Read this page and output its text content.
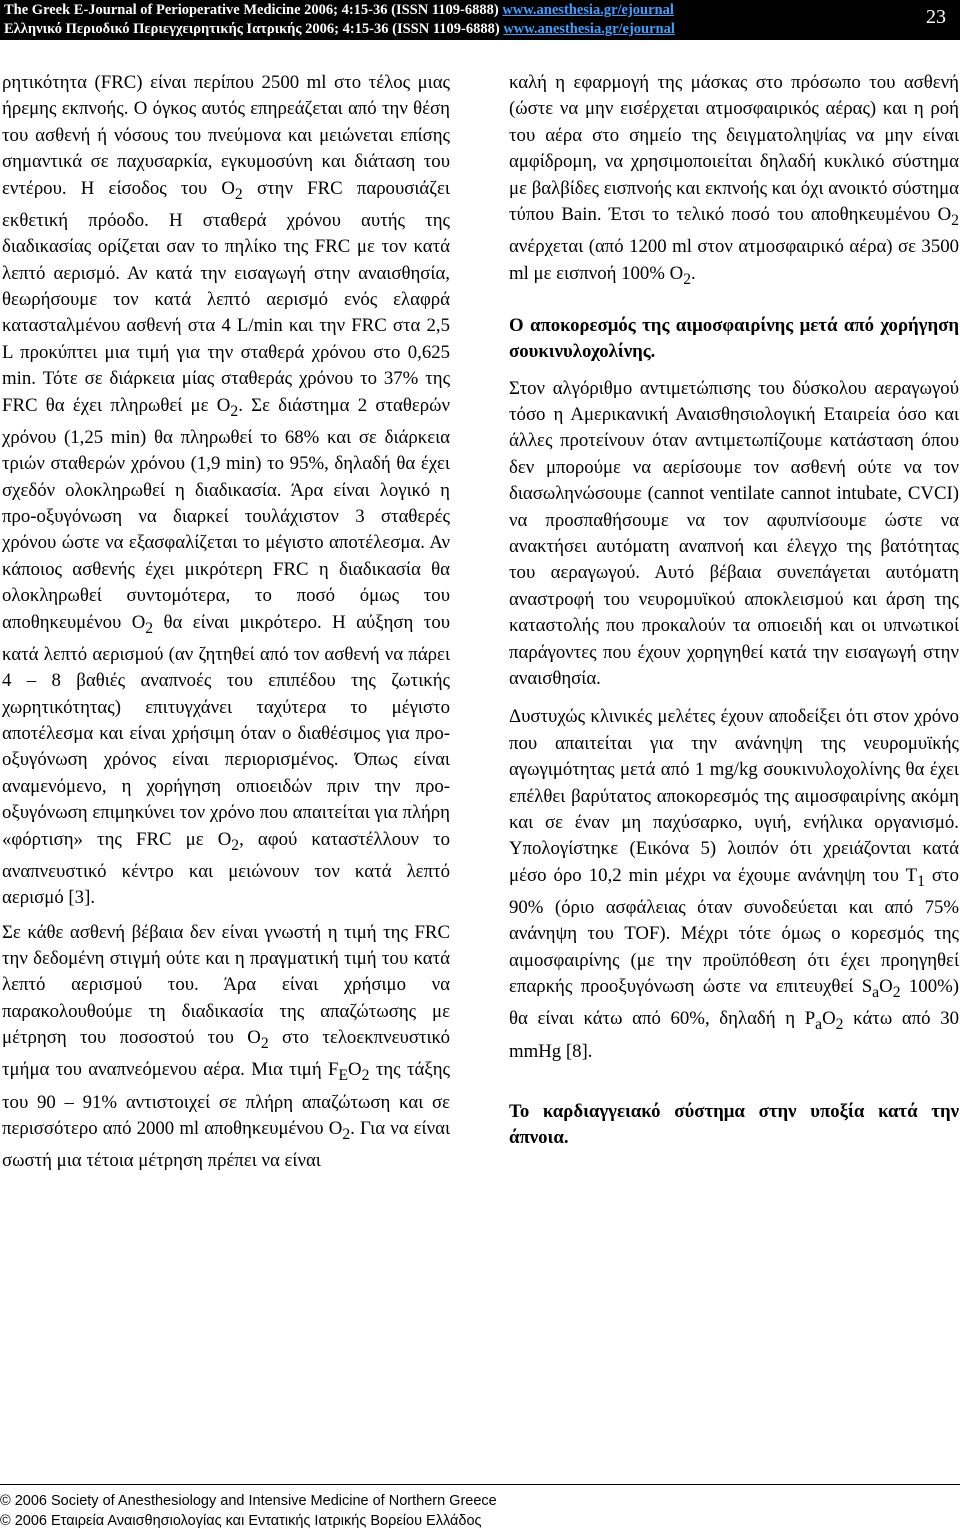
The Greek E-Journal of Perioperative Medicine 2006; 4:15-36 (ISSN 1109-6888) www.anesthesia.gr/ejournal
Ελληνικό Περιοδικό Περιεγχειρητικής Ιατρικής 2006; 4:15-36 (ISSN 1109-6888) www.anesthesia.gr/ejournal
23

ρητικότητα (FRC) είναι περίπου 2500 ml στο τέλος μιας ήρεμης εκπνοής. Ο όγκος αυτός επηρεάζεται από την θέση του ασθενή ή νόσους του πνεύμονα και μειώνεται επίσης σημαντικά σε παχυσαρκία, εγκυμοσύνη και διάταση του εντέρου. Η είσοδος του $O_2$ στην FRC παρουσιάζει εκθετική πρόοδο. Η σταθερά χρόνου αυτής της διαδικασίας ορίζεται σαν το πηλίκο της FRC με τον κατά λεπτό αερισμό. Αν κατά την εισαγωγή στην αναισθησία, θεωρήσουμε τον κατά λεπτό αερισμό ενός ελαφρά κατασταλμένου ασθενή στα 4 L/min και την FRC στα 2,5 L προκύπτει μια τιμή για την σταθερά χρόνου στο 0,625 min. Τότε σε διάρκεια μίας σταθεράς χρόνου το 37% της FRC θα έχει πληρωθεί με $O_2$. Σε διάστημα 2 σταθερών χρόνου (1,25 min) θα πληρωθεί το 68% και σε διάρκεια τριών σταθερών χρόνου (1,9 min) το 95%, δηλαδή θα έχει σχεδόν ολοκληρωθεί η διαδικασία. Άρα είναι λογικό η προ-οξυγόνωση να διαρκεί τουλάχιστον 3 σταθερές χρόνου ώστε να εξασφαλίζεται το μέγιστο αποτέλεσμα. Αν κάποιος ασθενής έχει μικρότερη FRC η διαδικασία θα ολοκληρωθεί συντομότερα, το ποσό όμως του αποθηκευμένου $O_2$ θα είναι μικρότερο. Η αύξηση του κατά λεπτό αερισμού (αν ζητηθεί από τον ασθενή να πάρει 4 – 8 βαθιές αναπνοές του επιπέδου της ζωτικής χωρητικότητας) επιτυγχάνει ταχύτερα το μέγιστο αποτέλεσμα και είναι χρήσιμη όταν ο διαθέσιμος για προ-οξυγόνωση χρόνος είναι περιορισμένος. Όπως είναι αναμενόμενο, η χορήγηση οπιοειδών πριν την προ-οξυγόνωση επιμηκύνει τον χρόνο που απαιτείται για πλήρη «φόρτιση» της FRC με $O_2$, αφού καταστέλλουν το αναπνευστικό κέντρο και μειώνουν τον κατά λεπτό αερισμό [3].

Σε κάθε ασθενή βέβαια δεν είναι γνωστή η τιμή της FRC την δεδομένη στιγμή ούτε και η πραγματική τιμή του κατά λεπτό αερισμού του. Άρα είναι χρήσιμο να παρακολουθούμε τη διαδικασία της απαζώτωσης με μέτρηση του ποσοστού του $O_2$ στο τελοεκπνευστικό τμήμα του αναπνεόμενου αέρα. Μια τιμή $F_EO_2$ της τάξης του 90 – 91% αντιστοιχεί σε πλήρη απαζώτωση και σε περισσότερο από 2000 ml αποθηκευμένου $O_2$. Για να είναι σωστή μια τέτοια μέτρηση πρέπει να είναι

καλή η εφαρμογή της μάσκας στο πρόσωπο του ασθενή (ώστε να μην εισέρχεται ατμοσφαιρικός αέρας) και η ροή του αέρα στο σημείο της δειγματοληψίας να μην είναι αμφίδρομη, να χρησιμοποιείται δηλαδή κυκλικό σύστημα με βαλβίδες εισπνοής και εκπνοής και όχι ανοικτό σύστημα τύπου Bain. Έτσι το τελικό ποσό του αποθηκευμένου $O_2$ ανέρχεται (από 1200 ml στον ατμοσφαιρικό αέρα) σε 3500 ml με εισπνοή 100% $O_2$.

Ο αποκορεσμός της αιμοσφαιρίνης μετά από χορήγηση σουκινυλοχολίνης.

Στον αλγόριθμο αντιμετώπισης του δύσκολου αεραγωγού τόσο η Αμερικανική Αναισθησιολογική Εταιρεία όσο και άλλες προτείνουν όταν αντιμετωπίζουμε κατάσταση όπου δεν μπορούμε να αερίσουμε τον ασθενή ούτε να τον διασωληνώσουμε (cannot ventilate cannot intubate, CVCI) να προσπαθήσουμε να τον αφυπνίσουμε ώστε να ανακτήσει αυτόματη αναπνοή και έλεγχο της βατότητας του αεραγωγού. Αυτό βέβαια συνεπάγεται αυτόματη αναστροφή του νευρομυϊκού αποκλεισμού και άρση της καταστολής που προκαλούν τα οπιοειδή και οι υπνωτικοί παράγοντες που έχουν χορηγηθεί κατά την εισαγωγή στην αναισθησία.

Δυστυχώς κλινικές μελέτες έχουν αποδείξει ότι στον χρόνο που απαιτείται για την ανάνηψη της νευρομυϊκής αγωγιμότητας μετά από 1 mg/kg σουκινυλοχολίνης θα έχει επέλθει βαρύτατος αποκορεσμός της αιμοσφαιρίνης ακόμη και σε έναν μη παχύσαρκο, υγιή, ενήλικα οργανισμό. Υπολογίστηκε (Εικόνα 5) λοιπόν ότι χρειάζονται κατά μέσο όρο 10,2 min μέχρι να έχουμε ανάνηψη του $T_1$ στο 90% (όριο ασφάλειας όταν συνοδεύεται και από 75% ανάνηψη του TOF). Μέχρι τότε όμως ο κορεσμός της αιμοσφαιρίνης (με την προϋπόθεση ότι έχει προηγηθεί επαρκής προοξυγόνωση ώστε να επιτευχθεί $S_aO_2$ 100%) θα είναι κάτω από 60%, δηλαδή η $P_aO_2$ κάτω από 30 mmHg [8].

Το καρδιαγγειακό σύστημα στην υποξία κατά την άπνοια.
© 2006 Society of Anesthesiology and Intensive Medicine of Northern Greece
© 2006 Εταιρεία Αναισθησιολογίας και Εντατικής Ιατρικής Βορείου Ελλάδος
